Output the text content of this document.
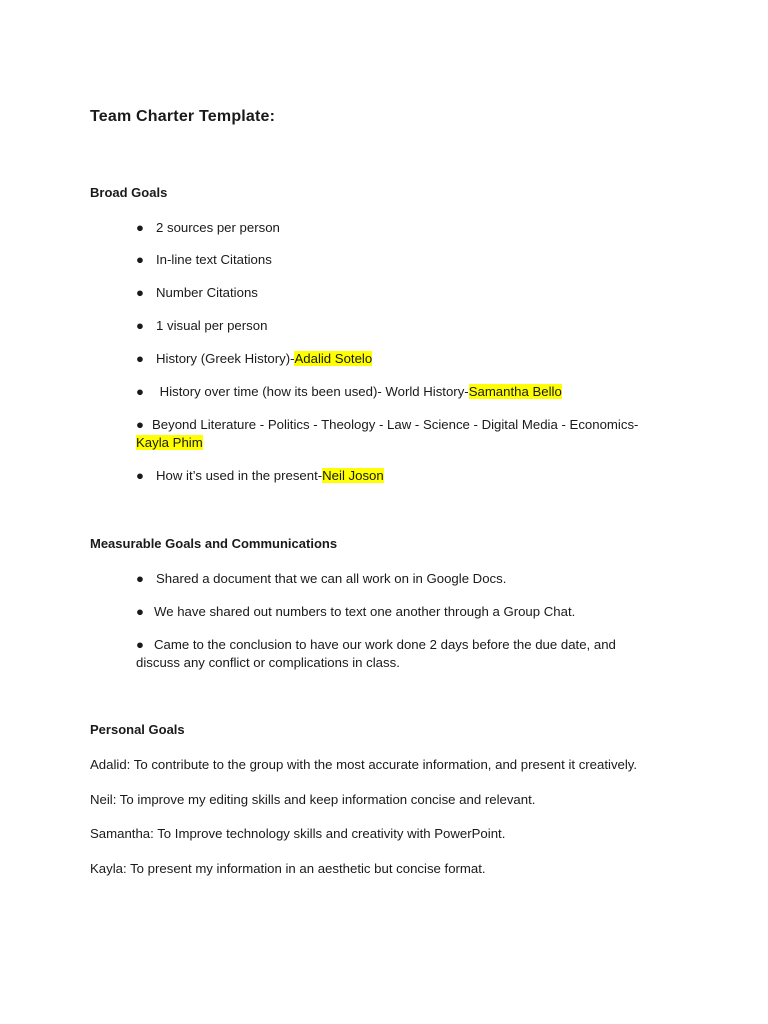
Team Charter Template:
Broad Goals
● 2 sources per person
● In-line text Citations
● Number Citations
● 1 visual per person
● History (Greek History)-Adalid Sotelo
● History over time (how its been used)- World History-Samantha Bello
● Beyond Literature - Politics - Theology - Law - Science - Digital Media - Economics-
Kayla Phim
● How it’s used in the present-Neil Joson
Measurable Goals and Communications
● Shared a document that we can all work on in Google Docs.
● We have shared out numbers to text one another through a Group Chat.
● Came to the conclusion to have our work done 2 days before the due date, and
discuss any conflict or complications in class.
Personal Goals
Adalid: To contribute to the group with the most accurate information, and present it creatively.
Neil: To improve my editing skills and keep information concise and relevant.
Samantha: To Improve technology skills and creativity with PowerPoint.
Kayla: To present my information in an aesthetic but concise format.
